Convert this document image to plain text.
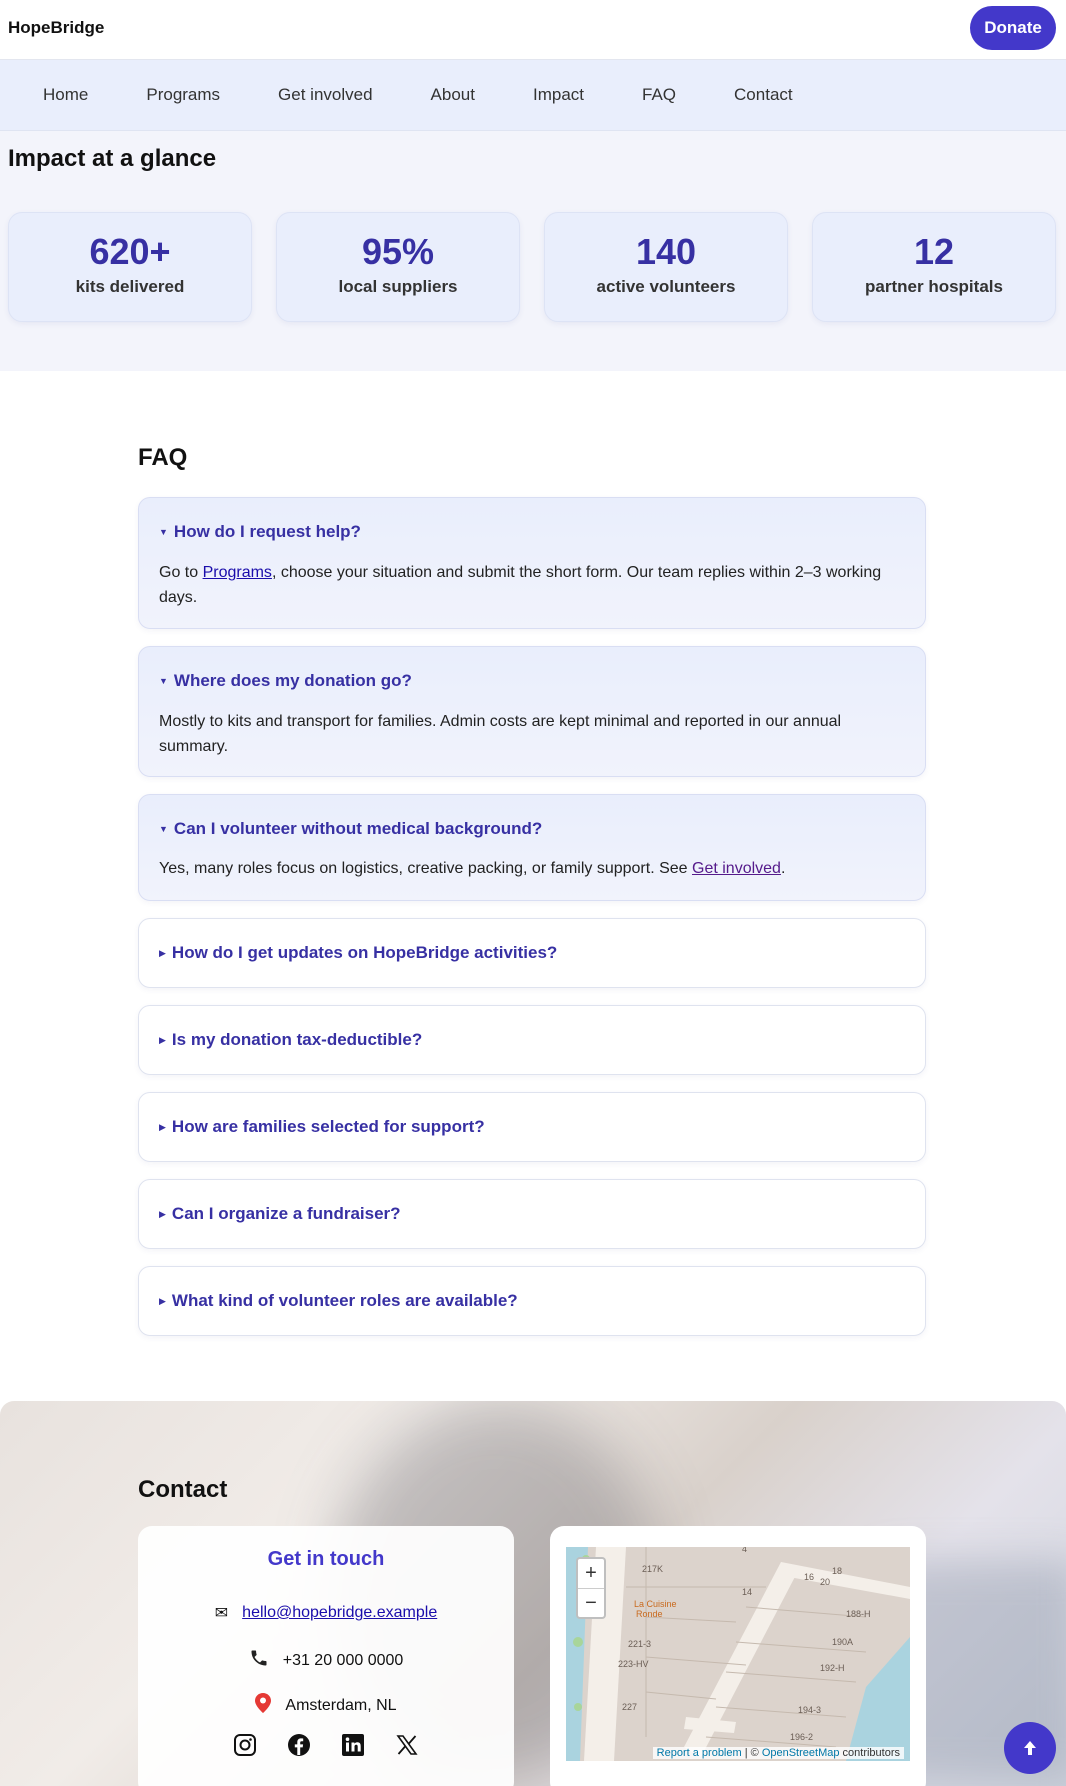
HopeBridge	Donate
Home	Programs	Get involved	About	Impact	FAQ	Contact
Impact at a glance
620+
kits delivered
95%
local suppliers
140
active volunteers
12
partner hospitals
FAQ
▼ How do I request help?
Go to Programs, choose your situation and submit the short form. Our team replies within 2–3 working days.
▼ Where does my donation go?
Mostly to kits and transport for families. Admin costs are kept minimal and reported in our annual summary.
▼ Can I volunteer without medical background?
Yes, many roles focus on logistics, creative packing, or family support. See Get involved.
▶ How do I get updates on HopeBridge activities?
▶ Is my donation tax-deductible?
▶ How are families selected for support?
▶ Can I organize a fundraiser?
▶ What kind of volunteer roles are available?
Contact
Get in touch
✉ hello@hopebridge.example
+31 20 000 0000
Amsterdam, NL
217K
La Cuisine
Ronde
221-3
223-HV
227
14
16
18
20
188-H
190A
192-H
194-3
196-2
4
+
−
Report a problem | © OpenStreetMap contributors
